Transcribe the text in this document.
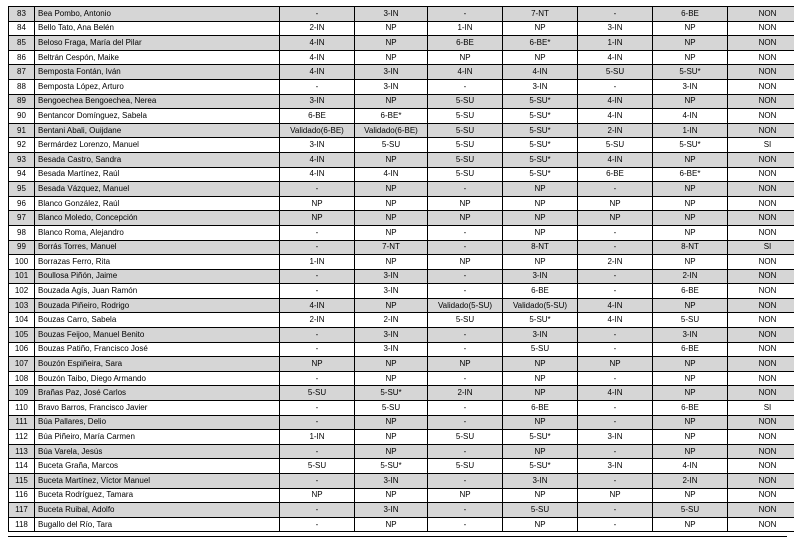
83	Bea Pombo, Antonio	-	3-IN	-	7-NT	-	6-BE	NON
84	Bello Tato, Ana Belén	2-IN	NP	1-IN	NP	3-IN	NP	NON
85	Beloso Fraga, María del Pilar	4-IN	NP	6-BE	6-BE*	1-IN	NP	NON
86	Beltrán Cespón, Maike	4-IN	NP	NP	NP	4-IN	NP	NON
87	Bemposta Fontán, Iván	4-IN	3-IN	4-IN	4-IN	5-SU	5-SU*	NON
88	Bemposta López, Arturo	-	3-IN	-	3-IN	-	3-IN	NON
89	Bengoechea Bengoechea, Nerea	3-IN	NP	5-SU	5-SU*	4-IN	NP	NON
90	Bentancor Domínguez, Sabela	6-BE	6-BE*	5-SU	5-SU*	4-IN	4-IN	NON
91	Bentani Abali, Ouijdane	Validado(6-BE)	Validado(6-BE)	5-SU	5-SU*	2-IN	1-IN	NON
92	Bermárdez Lorenzo, Manuel	3-IN	5-SU	5-SU	5-SU*	5-SU	5-SU*	SI
93	Besada Castro, Sandra	4-IN	NP	5-SU	5-SU*	4-IN	NP	NON
94	Besada Martínez, Raúl	4-IN	4-IN	5-SU	5-SU*	6-BE	6-BE*	NON
95	Besada Vázquez, Manuel	-	NP	-	NP	-	NP	NON
96	Blanco González, Raúl	NP	NP	NP	NP	NP	NP	NON
97	Blanco Moledo, Concepción	NP	NP	NP	NP	NP	NP	NON
98	Blanco Roma, Alejandro	-	NP	-	NP	-	NP	NON
99	Borrás Torres, Manuel	-	7-NT	-	8-NT	-	8-NT	SI
100	Borrazas Ferro, Rita	1-IN	NP	NP	NP	2-IN	NP	NON
101	Boullosa Piñón, Jaime	-	3-IN	-	3-IN	-	2-IN	NON
102	Bouzada Agís, Juan Ramón	-	3-IN	-	6-BE	-	6-BE	NON
103	Bouzada Piñeiro, Rodrigo	4-IN	NP	Validado(5-SU)	Validado(5-SU)	4-IN	NP	NON
104	Bouzas Carro, Sabela	2-IN	2-IN	5-SU	5-SU*	4-IN	5-SU	NON
105	Bouzas Feijoo, Manuel Benito	-	3-IN	-	3-IN	-	3-IN	NON
106	Bouzas Patiño, Francisco José	-	3-IN	-	5-SU	-	6-BE	NON
107	Bouzón Espiñeira, Sara	NP	NP	NP	NP	NP	NP	NON
108	Bouzón Taibo, Diego Armando	-	NP	-	NP	-	NP	NON
109	Brañas Paz, José Carlos	5-SU	5-SU*	2-IN	NP	4-IN	NP	NON
110	Bravo Barros, Francisco Javier	-	5-SU	-	6-BE	-	6-BE	SI
111	Búa Pallares, Delio	-	NP	-	NP	-	NP	NON
112	Búa Piñeiro, María Carmen	1-IN	NP	5-SU	5-SU*	3-IN	NP	NON
113	Búa Varela, Jesús	-	NP	-	NP	-	NP	NON
114	Buceta Graña, Marcos	5-SU	5-SU*	5-SU	5-SU*	3-IN	4-IN	NON
115	Buceta Martínez, Víctor Manuel	-	3-IN	-	3-IN	-	2-IN	NON
116	Buceta Rodríguez, Tamara	NP	NP	NP	NP	NP	NP	NON
117	Buceta Ruibal, Adolfo	-	3-IN	-	5-SU	-	5-SU	NON
118	Bugallo del Río, Tara	-	NP	-	NP	-	NP	NON
